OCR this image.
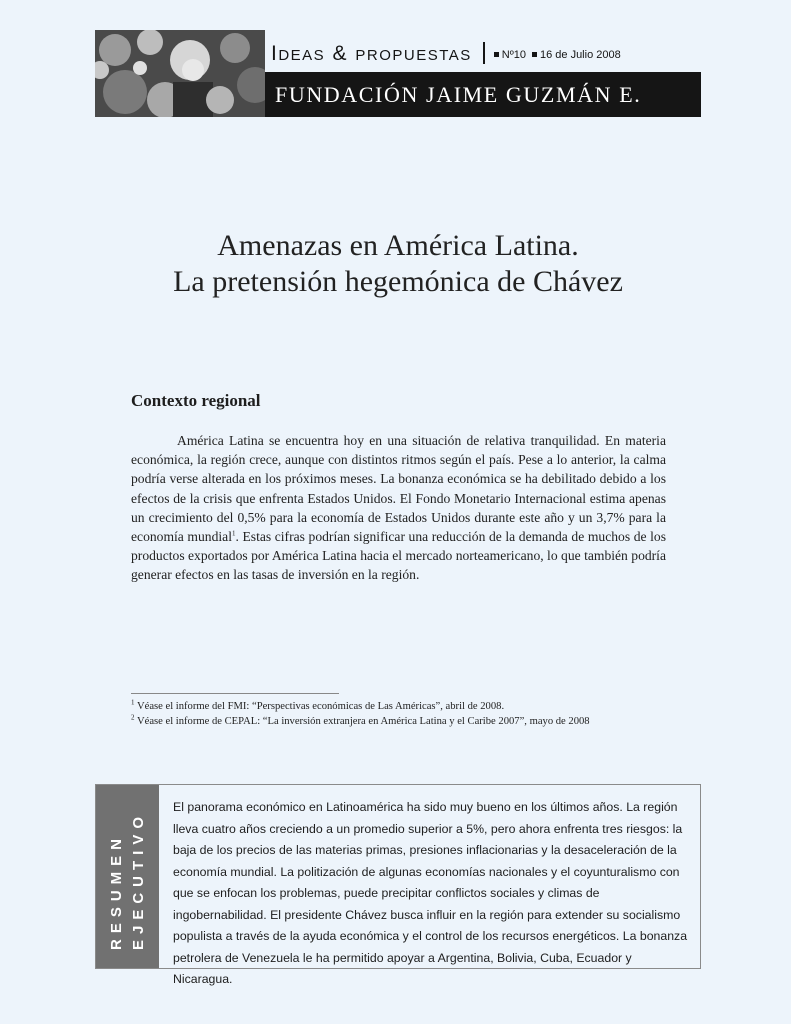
Ideas & propuestas	Nº10	16 de Julio 2008
FUNDACIÓN JAIME GUZMÁN E.
Amenazas en América Latina.
La pretensión hegemónica de Chávez
Contexto regional

América Latina se encuentra hoy en una situación de relativa tranquilidad. En materia económica, la región crece, aunque con distintos ritmos según el país. Pese a lo anterior, la calma podría verse alterada en los próximos meses. La bonanza económica se ha debilitado debido a los efectos de la crisis que enfrenta Estados Unidos. El Fondo Monetario Internacional estima apenas un crecimiento del 0,5% para la economía de Estados Unidos durante este año y un 3,7% para la economía mundial$^1$. Estas cifras podrían significar una reducción de la demanda de muchos de los productos exportados por América Latina hacia el mercado norteamericano, lo que también podría generar efectos en las tasas de inversión en la región.

$^1$ Véase el informe del FMI: “Perspectivas económicas de Las Américas”, abril de 2008.
$^2$ Véase el informe de CEPAL: “La inversión extranjera en América Latina y el Caribe 2007”, mayo de 2008
RESUMEN EJECUTIVO

El panorama económico en Latinoamérica ha sido muy bueno en los últimos años. La región lleva cuatro años creciendo a un promedio superior a 5%, pero ahora enfrenta tres riesgos: la baja de los precios de las materias primas, presiones inflacionarias y la desaceleración de la economía mundial. La politización de algunas economías nacionales y el coyunturalismo con que se enfocan los problemas, puede precipitar conflictos sociales y climas de ingobernabilidad. El presidente Chávez busca influir en la región para extender su socialismo populista a través de la ayuda económica y el control de los recursos energéticos. La bonanza petrolera de Venezuela le ha permitido apoyar a Argentina, Bolivia, Cuba, Ecuador y Nicaragua.
